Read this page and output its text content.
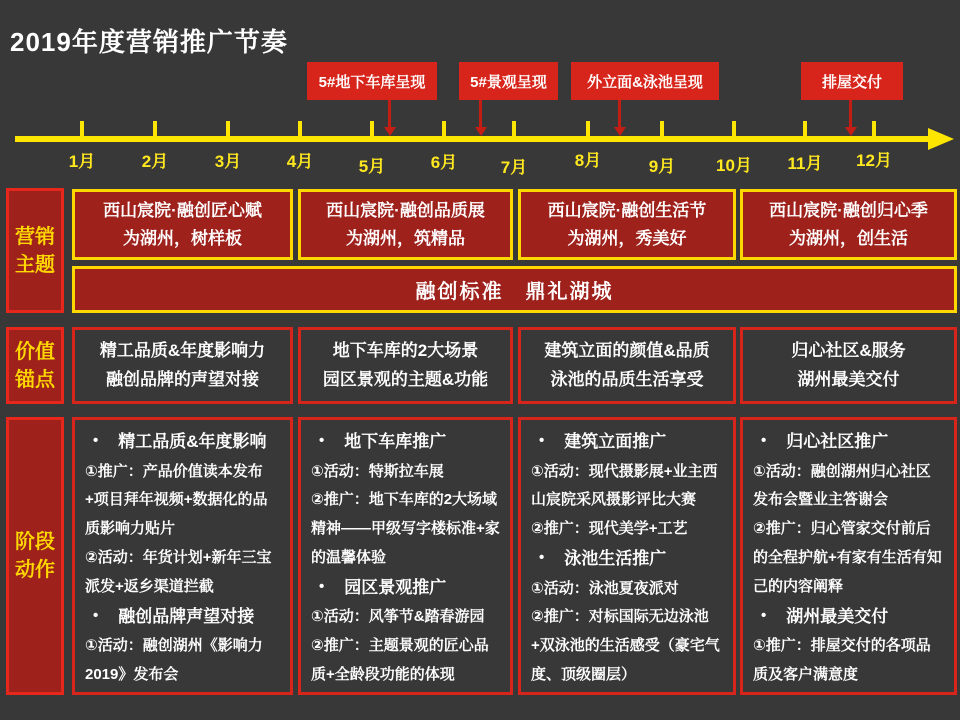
2019年度营销推广节奏
5#地下车库呈现	5#景观呈现	外立面&泳池呈现	排屋交付
1月	2月	3月	4月	5月	6月	7月	8月	9月	10月	11月	12月
营销主题
价值锚点
阶段动作
西山宸院·融创匠心赋
为湖州，树样板
西山宸院·融创品质展
为湖州，筑精品
西山宸院·融创生活节
为湖州，秀美好
西山宸院·融创归心季
为湖州，创生活
融创标准　鼎礼湖城
精工品质&年度影响力
融创品牌的声望对接
地下车库的2大场景
园区景观的主题&功能
建筑立面的颜值&品质
泳池的品质生活享受
归心社区&服务
湖州最美交付
• 精工品质&年度影响
①推广：产品价值读本发布+项目拜年视频+数据化的品质影响力贴片
②活动：年货计划+新年三宝派发+返乡渠道拦截
• 融创品牌声望对接
①活动：融创湖州《影响力2019》发布会
• 地下车库推广
①活动：特斯拉车展
②推广：地下车库的2大场域精神——甲级写字楼标准+家的温馨体验
• 园区景观推广
①活动：风筝节&踏春游园
②推广：主题景观的匠心品质+全龄段功能的体现
• 建筑立面推广
①活动：现代摄影展+业主西山宸院采风摄影评比大赛
②推广：现代美学+工艺
• 泳池生活推广
①活动：泳池夏夜派对
②推广：对标国际无边泳池+双泳池的生活感受（豪宅气度、顶级圈层）
• 归心社区推广
①活动：融创湖州归心社区发布会暨业主答谢会
②推广：归心管家交付前后的全程护航+有家有生活有知己的内容阐释
• 湖州最美交付
①推广：排屋交付的各项品质及客户满意度
